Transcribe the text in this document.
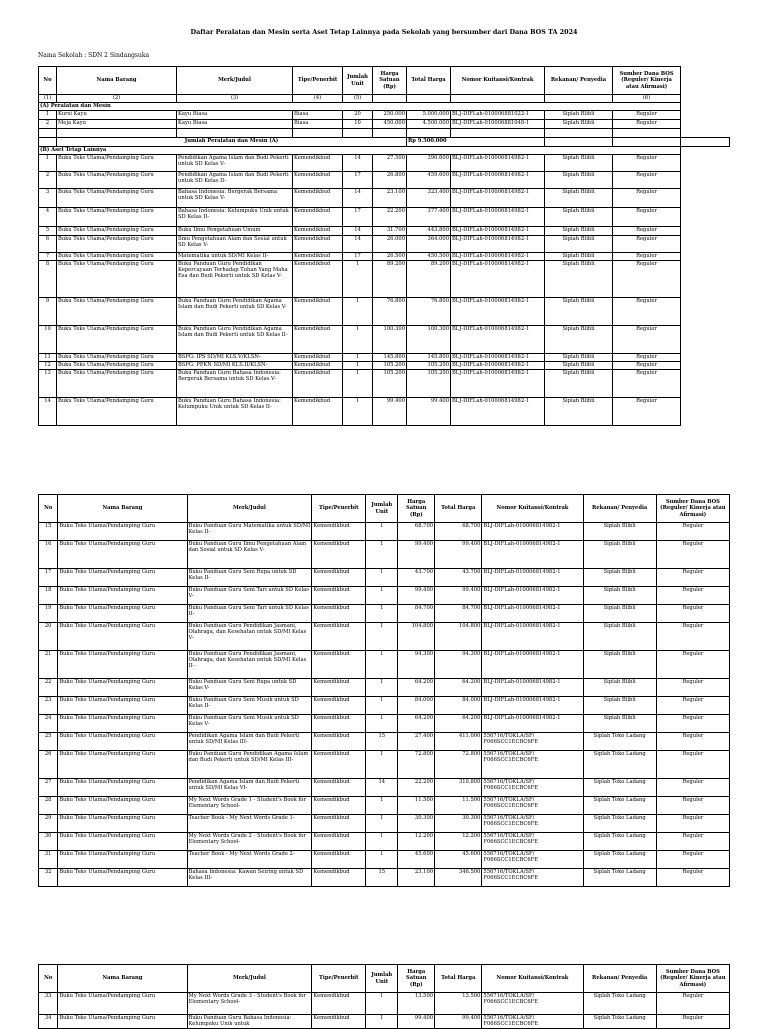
Daftar Peralatan dan Mesin serta Aset Tetap Lainnya pada Sekolah yang bersumber dari Dana BOS TA 2024
Nama Sekolah : SDN 2 Sindangsuka
No	Nama Barang	Merk/Judul	Tipe/Penerbit	Jumlah Unit	Harga Satuan (Rp)	Total Harga	Nomor Kuitansi/Kontrak	Rekanan/ Penyedia	Sumber Dana BOS (Reguler/ Kinerja atau Afirmasi)	
(1)	(2)	(3)	(4)	(5)					(6)	
(A) Peralatan dan Mesin										
1	Kursi Kayu	Kayu Biasa	Biasa	20	250.000	5.000.000	BLJ-DIFLah-010006881022-1	Siplah Blibli	Reguler	
2	Meja Kayu	Kayu Biasa	Biasa	10	450.000	4.500.000	BLJ-DIFLah-010006881048-1	Siplah Blibli	Reguler	

	Jumlah Peralatan dan Mesin (A)					Rp 9.500.000				
(B) Aset Tetap Lainnya										
1	Buku Teks Utama/Pendamping Guru	Pendidikan Agama Islam dan Budi Pekerti untuk SD Kelas V-	Kemendikbud	14	27.500	390.600	BLJ-DIFLah-010006814982-1	Siplah Blibli	Reguler	
2	Buku Teks Utama/Pendamping Guru	Pendidikan Agama Islam dan Budi Pekerti untuk SD Kelas II-	Kemendikbud	17	26.800	459.600	BLJ-DIFLah-010006814982-1	Siplah Blibli	Reguler	
3	Buku Teks Utama/Pendamping Guru	Bahasa Indonesia: Bergerak Bersama untuk SD Kelas V-	Kemendikbud	14	23.100	323.400	BLJ-DIFLah-010006814982-1	Siplah Blibli	Reguler	
4	Buku Teks Utama/Pendamping Guru	Bahasa Indonesia: Kelumpuku Unik untuk SD Kelas II-	Kemendikbud	17	22.200	377.400	BLJ-DIFLah-010006814982-1	Siplah Blibli	Reguler	
5	Buku Teks Utama/Pendamping Guru	Buku Ilmu Pengetahuan Umum	Kemendikbud	14	31.700	443.800	BLJ-DIFLah-010006814982-1	Siplah Blibli	Reguler	
6	Buku Teks Utama/Pendamping Guru	Ilmu Pengetahuan Alam dan Sosial untuk SD Kelas V-	Kemendikbud	14	26.000	364.000	BLJ-DIFLah-010006814982-1	Siplah Blibli	Reguler	
7	Buku Teks Utama/Pendamping Guru	Matematika untuk SD/MI Kelas II-	Kemendikbud	17	26.500	450.500	BLJ-DIFLah-010006814982-1	Siplah Blibli	Reguler	
8	Buku Teks Utama/Pendamping Guru	Buku Panduan Guru Pendidikan Kepercayaan Terhadap Tuhan Yang Maha Esa dan Budi Pekerti untuk SD Kelas V-	Kemendikbud	1	89.200	89.200	BLJ-DIFLah-010006814982-1	Siplah Blibli	Reguler	
9	Buku Teks Utama/Pendamping Guru	Buku Panduan Guru Pendidikan Agama Islam dan Budi Pekerti untuk SD Kelas V-	Kemendikbud	1	76.800	76.800	BLJ-DIFLah-010006814982-1	Siplah Blibli	Reguler	
10	Buku Teks Utama/Pendamping Guru	Buku Panduan Guru Pendidikan Agama Islam dan Budi Pekerti untuk SD Kelas II-	Kemendikbud	1	100.300	100.300	BLJ-DIFLah-010006814982-1	Siplah Blibli	Reguler	
11	Buku Teks Utama/Pendamping Guru	BSPG: IPS SD/MI KLS.V/KLSN-	Kemendikbud	1	145.800	145.800	BLJ-DIFLah-010006814982-1	Siplah Blibli	Reguler	
12	Buku Teks Utama/Pendamping Guru	BSPG: PPKN SD/MI KLS.II/KLSN-	Kemendikbud	1	105.200	105.200	BLJ-DIFLah-010006814982-1	Siplah Blibli	Reguler	
13	Buku Teks Utama/Pendamping Guru	Buku Panduan Guru Bahasa Indonesia: Bergerak Bersama untuk SD Kelas V-	Kemendikbud	1	105.200	105.200	BLJ-DIFLah-010006814982-1	Siplah Blibli	Reguler	
14	Buku Teks Utama/Pendamping Guru	Buku Panduan Guru Bahasa Indonesia: Kelumpuku Unik untuk SD Kelas II-	Kemendikbud	1	99.400	99.400	BLJ-DIFLah-010006814982-1	Siplah Blibli	Reguler	
No	Nama Barang	Merk/Judul	Tipe/Penerbit	Jumlah Unit	Harga Satuan (Rp)	Total Harga	Nomor Kuitansi/Kontrak	Rekanan/ Penyedia	Sumber Dana BOS (Reguler/ Kinerja atau Afirmasi)
15	Buku Teks Utama/Pendamping Guru	Buku Panduan Guru Matematika untuk SD/MI Kelas II-	Kemendikbud	1	68.700	68.700	BLJ-DIFLah-010006814982-1	Siplah Blibli	Reguler
16	Buku Teks Utama/Pendamping Guru	Buku Panduan Guru Ilmu Pengetahuan Alam dan Sosial untuk SD Kelas V-	Kemendikbud	1	99.400	99.400	BLJ-DIFLah-010006814982-1	Siplah Blibli	Reguler
17	Buku Teks Utama/Pendamping Guru	Buku Panduan Guru Seni Rupa untuk SD Kelas II-	Kemendikbud	1	43.700	43.700	BLJ-DIFLah-010006814982-1	Siplah Blibli	Reguler
18	Buku Teks Utama/Pendamping Guru	Buku Panduan Guru Seni Tari untuk SD Kelas V-	Kemendikbud	1	99.400	99.400	BLJ-DIFLah-010006814982-1	Siplah Blibli	Reguler
19	Buku Teks Utama/Pendamping Guru	Buku Panduan Guru Seni Tari untuk SD Kelas II-	Kemendikbud	1	84.700	84.700	BLJ-DIFLah-010006814982-1	Siplah Blibli	Reguler
20	Buku Teks Utama/Pendamping Guru	Buku Panduan Guru Pendidikan Jasmani, Olahraga, dan Kesehatan untuk SD/MI Kelas V-	Kemendikbud	1	104.800	104.800	BLJ-DIFLah-010006814982-1	Siplah Blibli	Reguler
21	Buku Teks Utama/Pendamping Guru	Buku Panduan Guru Pendidikan Jasmani, Olahraga, dan Kesehatan untuk SD/MI Kelas II-	Kemendikbud	1	94.300	94.300	BLJ-DIFLah-010006814982-1	Siplah Blibli	Reguler
22	Buku Teks Utama/Pendamping Guru	Buku Panduan Guru Seni Rupa untuk SD Kelas V-	Kemendikbud	1	64.200	64.200	BLJ-DIFLah-010006814982-1	Siplah Blibli	Reguler
23	Buku Teks Utama/Pendamping Guru	Buku Panduan Guru Seni Musik untuk SD Kelas II-	Kemendikbud	1	84.000	84.000	BLJ-DIFLah-010006814982-1	Siplah Blibli	Reguler
24	Buku Teks Utama/Pendamping Guru	Buku Panduan Guru Seni Musik untuk SD Kelas V-	Kemendikbud	1	64.200	64.200	BLJ-DIFLah-010006814982-1	Siplah Blibli	Reguler
25	Buku Teks Utama/Pendamping Guru	Pendidikan Agama Islam dan Budi Pekerti untuk SD/MI Kelas III-	Kemendikbud	15	27.400	411.000	556716/TOKLA/SF/ F066SCC1ECBC6FE	Siplah Toko Ladang	Reguler
26	Buku Teks Utama/Pendamping Guru	Buku Panduan Guru Pendidikan Agama Islam dan Budi Pekerti untuk SD/MI Kelas III-	Kemendikbud	1	72.800	72.800	556716/TOKLA/SF/ F066SCC1ECBC6FE	Siplah Toko Ladang	Reguler
27	Buku Teks Utama/Pendamping Guru	Pendidikan Agama Islam dan Budi Pekerti untuk SD/MI Kelas VI-	Kemendikbud	14	22.200	310.800	556716/TOKLA/SF/ F066SCC1ECBC6FE	Siplah Toko Ladang	Reguler
28	Buku Teks Utama/Pendamping Guru	My Next Words Grade 1 - Student's Book for Elementary School-	Kemendikbud	1	11.500	11.500	556716/TOKLA/SF/ F066SCC1ECBC6FE	Siplah Toko Ladang	Reguler
29	Buku Teks Utama/Pendamping Guru	Teacher Book - My Next Words Grade 1-	Kemendikbud	1	30.300	30.300	556716/TOKLA/SF/ F066SCC1ECBC6FE	Siplah Toko Ladang	Reguler
30	Buku Teks Utama/Pendamping Guru	My Next Words Grade 2 - Student's Book for Elementary School-	Kemendikbud	1	12.200	12.200	556716/TOKLA/SF/ F066SCC1ECBC6FE	Siplah Toko Ladang	Reguler
31	Buku Teks Utama/Pendamping Guru	Teacher Book - My Next Words Grade 2-	Kemendikbud	1	45.600	45.600	556716/TOKLA/SF/ F066SCC1ECBC6FE	Siplah Toko Ladang	Reguler
32	Buku Teks Utama/Pendamping Guru	Bahasa Indonesia: Kawan Seiring untuk SD Kelas III-	Kemendikbud	15	23.100	346.500	556716/TOKLA/SF/ F066SCC1ECBC6FE	Siplah Toko Ladang	Reguler
No	Nama Barang	Merk/Judul	Tipe/Penerbit	Jumlah Unit	Harga Satuan (Rp)	Total Harga	Nomor Kuitansi/Kontrak	Rekanan/ Penyedia	Sumber Dana BOS (Reguler/ Kinerja atau Afirmasi)
33	Buku Teks Utama/Pendamping Guru	My Next Words Grade 3 - Student's Book for Elementary School-	Kemendikbud	1	13.500	13.500	556716/TOKLA/SF/ F066SCC1ECBC6FE	Siplah Toko Ladang	Reguler
34	Buku Teks Utama/Pendamping Guru	Buku Panduan Guru Bahasa Indonesia: Kelumpuku Unik untuk	Kemendikbud	1	99.400	99.400	556716/TOKLA/SF/ F066SCC1ECBC6FE	Siplah Toko Ladang	Reguler
